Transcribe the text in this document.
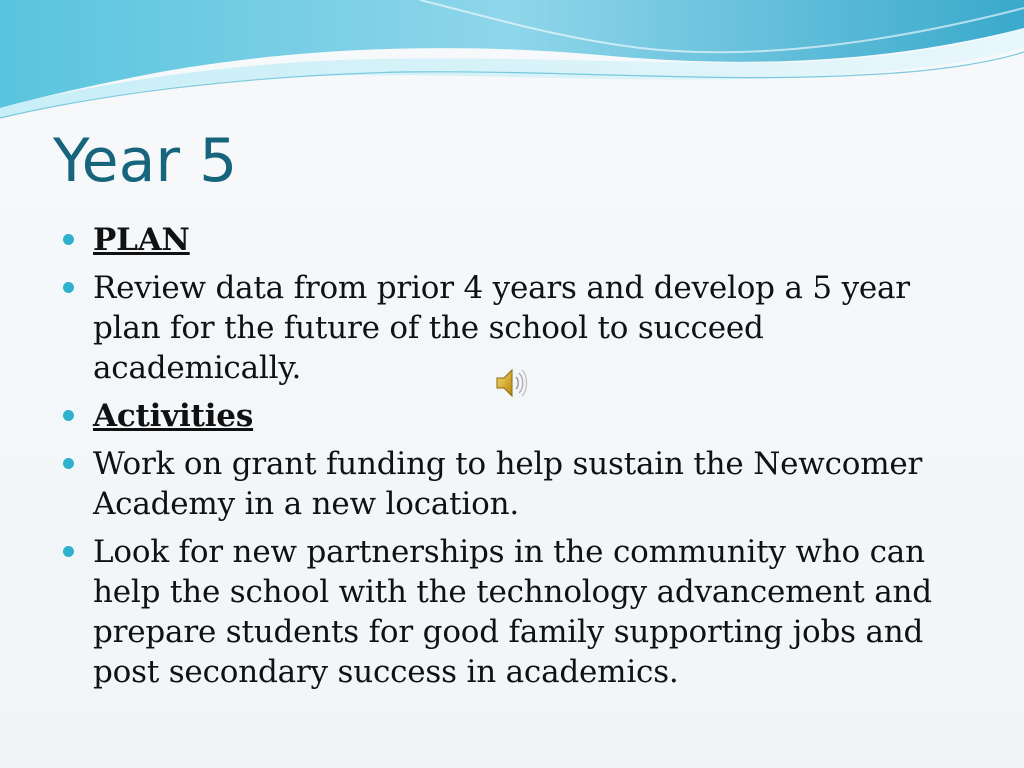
Year 5
PLAN
Review data from prior 4 years and develop a 5 year plan for the future of the school to succeed academically.
Activities
Work on grant funding to help sustain the Newcomer Academy in a new location.
Look for new partnerships in the community who can help the school with the technology advancement and prepare students for good family supporting jobs and post secondary success in academics.
